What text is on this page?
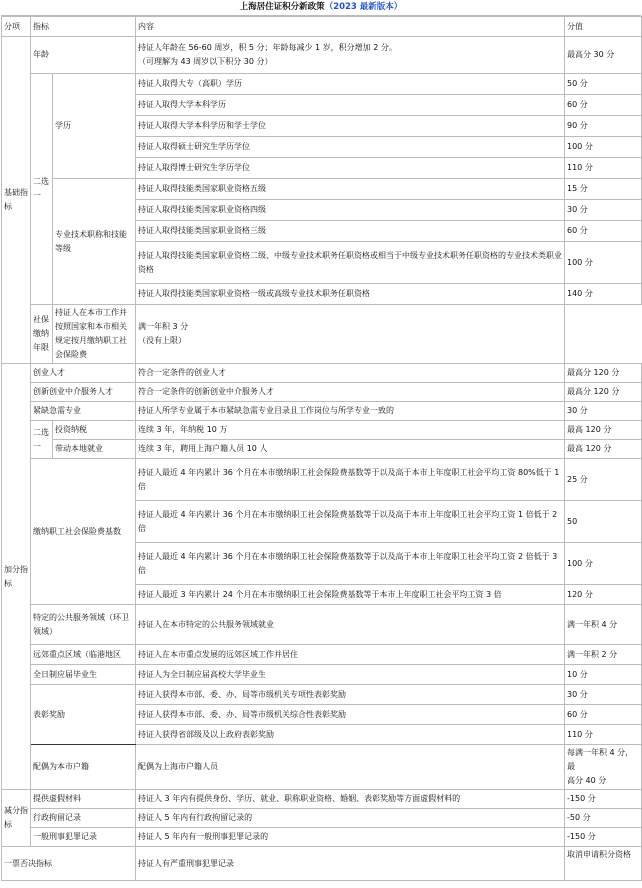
上海居住证积分新政策（2023 最新版本）
分项	指标		内容	分值
基础指标	年龄		持证人年龄在 56-60 周岁，积 5 分；年龄每减少 1 岁，积分增加 2 分。
（可理解为 43 周岁以下积分 30 分）	最高分 30 分
	二选一	学历	持证人取得大专（高职）学历	50 分
			持证人取得大学本科学历	60 分
			持证人取得大学本科学历和学士学位	90 分
			持证人取得硕士研究生学历学位	100 分
			持证人取得博士研究生学历学位	110 分
		专业技术职称和技能等级	持证人取得技能类国家职业资格五级	15 分
			持证人取得技能类国家职业资格四级	30 分
			持证人取得技能类国家职业资格三级	60 分
			持证人取得技能类国家职业资格二级、中级专业技术职务任职资格或相当于中级专业技术职务任职资格的专业技术类职业资格	100 分
			持证人取得技能类国家职业资格一级或高级专业技术职务任职资格	140 分
	社保缴纳年限	持证人在本市工作并按照国家和本市相关规定按月缴纳职工社会保险费	满一年积 3 分
（没有上限）	

加分指标	创业人才		符合一定条件的创业人才	最高分 120 分
	创新创业中介服务人才		符合一定条件的创新创业中介服务人才	最高分 120 分
	紧缺急需专业		持证人所学专业属于本市紧缺急需专业目录且工作岗位与所学专业一致的	30 分
	二选一	投资纳税	连续 3 年，年纳税 10 万	最高 120 分
		带动本地就业	连续 3 年，聘用上海户籍人员 10 人	最高 120 分
	缴纳职工社会保险费基数		持证人最近 4 年内累计 36 个月在本市缴纳职工社会保险费基数等于以及高于本市上年度职工社会平均工资 80%低于 1 倍	25 分
			持证人最近 4 年内累计 36 个月在本市缴纳职工社会保险费基数等于以及高于本市上年度职工社会平均工资 1 倍低于 2 倍	50
			持证人最近 4 年内累计 36 个月在本市缴纳职工社会保险费基数等于以及高于本市上年度职工社会平均工资 2 倍低于 3 倍	100 分
			持证人最近 3 年内累计 24 个月在本市缴纳职工社会保险费基数等于本市上年度职工社会平均工资 3 倍	120 分
	特定的公共服务领域（环卫领域）		持证人在本市特定的公共服务领域就业	满一年积 4 分
	远郊重点区域（临港地区		持证人在本市重点发展的远郊区域工作并居住	满一年积 2 分
	全日制应届毕业生		持证人为全日制应届高校大学毕业生	10 分
	表彰奖励		持证人获得本市部、委、办、局等市级机关专项性表彰奖励	30 分
			持证人获得本市部、委、办、局等市级机关综合性表彰奖励	60 分
			持证人获得省部级及以上政府表彰奖励	110 分
	配偶为本市户籍		配偶为上海市户籍人员	每满一年积 4 分，最
高分 40 分

减分指标	提供虚假材料		持证人 3 年内有提供身份、学历、就业、职称职业资格、婚姻、表彰奖励等方面虚假材料的	-150 分
	行政拘留记录		持证人 5 年内有行政拘留记录的	-50 分
	一般刑事犯罪记录		持证人 5 年内有一般刑事犯罪记录的	-150 分
一票否决指标			持证人有严重刑事犯罪记录	取消申请积分资格
